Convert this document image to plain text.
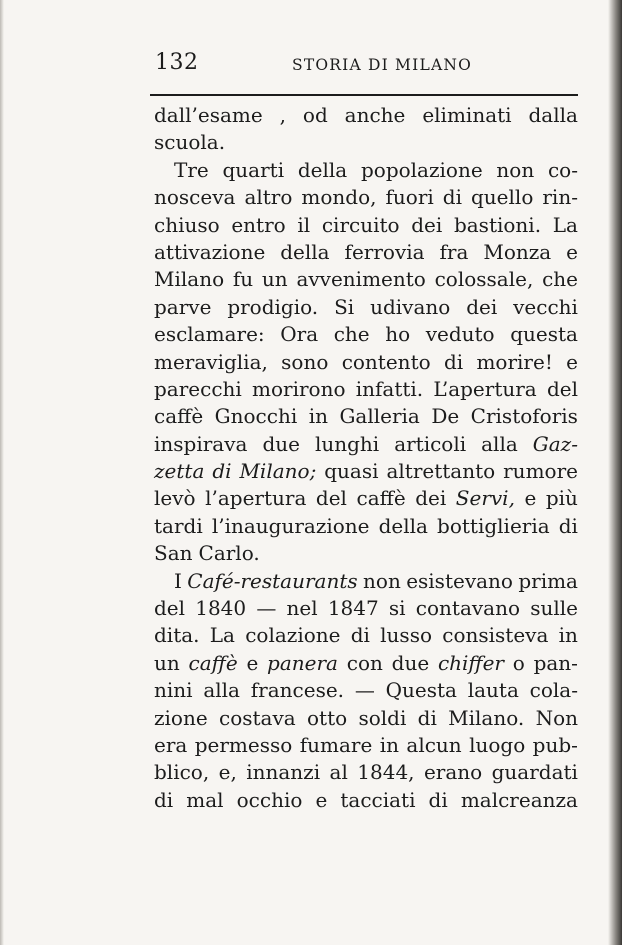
132	STORIA DI MILANO
dall’esame , od anche eliminati dalla
scuola.
Tre quarti della popolazione non co-
nosceva altro mondo, fuori di quello rin-
chiuso entro il circuito dei bastioni. La
attivazione della ferrovia fra Monza e
Milano fu un avvenimento colossale, che
parve prodigio. Si udivano dei vecchi
esclamare: Ora che ho veduto questa
meraviglia, sono contento di morire! e
parecchi morirono infatti. L’apertura del
caffè Gnocchi in Galleria De Cristoforis
inspirava due lunghi articoli alla Gaz-
zetta di Milano; quasi altrettanto rumore
levò l’apertura del caffè dei Servi, e più
tardi l’inaugurazione della bottiglieria di
San Carlo.
I Café-restaurants non esistevano prima
del 1840 — nel 1847 si contavano sulle
dita. La colazione di lusso consisteva in
un caffè e panera con due chiffer o pan-
nini alla francese. — Questa lauta cola-
zione costava otto soldi di Milano. Non
era permesso fumare in alcun luogo pub-
blico, e, innanzi al 1844, erano guardati
di mal occhio e tacciati di malcreanza
